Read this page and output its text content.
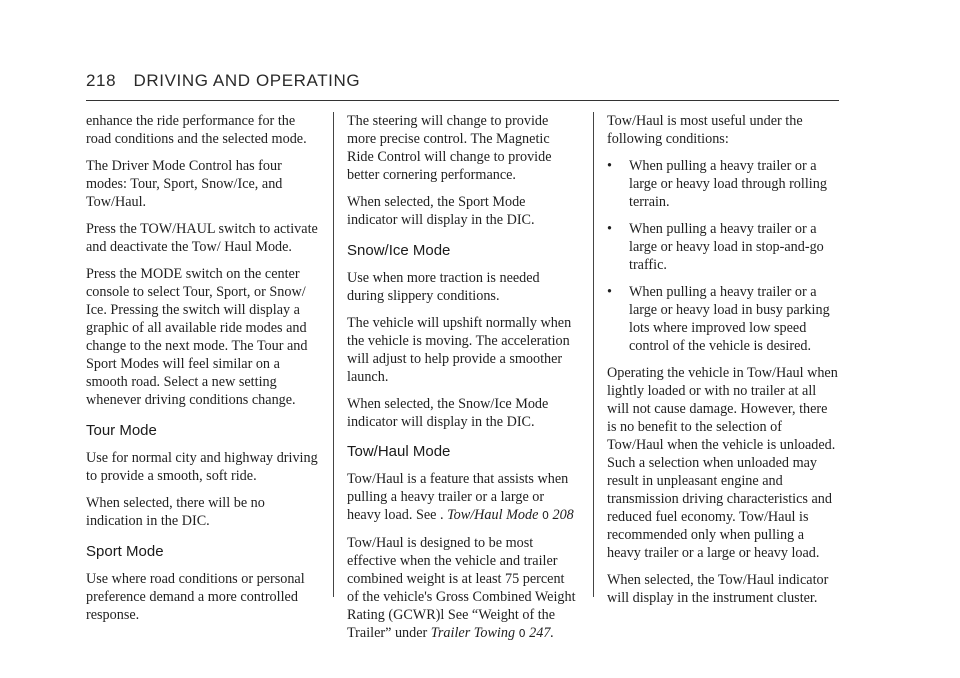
218 DRIVING AND OPERATING

enhance the ride performance for the road conditions and the selected mode.

The Driver Mode Control has four modes: Tour, Sport, Snow/Ice, and Tow/Haul.

Press the TOW/HAUL switch to activate and deactivate the Tow/ Haul Mode.

Press the MODE switch on the center console to select Tour, Sport, or Snow/ Ice. Pressing the switch will display a graphic of all available ride modes and change to the next mode. The Tour and Sport Modes will feel similar on a smooth road. Select a new setting whenever driving conditions change.

Tour Mode

Use for normal city and highway driving to provide a smooth, soft ride.

When selected, there will be no indication in the DIC.

Sport Mode

Use where road conditions or personal preference demand a more controlled response.

The steering will change to provide more precise control. The Magnetic Ride Control will change to provide better cornering performance.

When selected, the Sport Mode indicator will display in the DIC.

Snow/Ice Mode

Use when more traction is needed during slippery conditions.

The vehicle will upshift normally when the vehicle is moving. The acceleration will adjust to help provide a smoother launch.

When selected, the Snow/Ice Mode indicator will display in the DIC.

Tow/Haul Mode

Tow/Haul is a feature that assists when pulling a heavy trailer or a large or heavy load. See . Tow/Haul Mode 0 208

Tow/Haul is designed to be most effective when the vehicle and trailer combined weight is at least 75 percent of the vehicle's Gross Combined Weight Rating (GCWR)l See “Weight of the Trailer” under Trailer Towing 0 247.

Tow/Haul is most useful under the following conditions:

• When pulling a heavy trailer or a large or heavy load through rolling terrain.
• When pulling a heavy trailer or a large or heavy load in stop-and-go traffic.
• When pulling a heavy trailer or a large or heavy load in busy parking lots where improved low speed control of the vehicle is desired.

Operating the vehicle in Tow/Haul when lightly loaded or with no trailer at all will not cause damage. However, there is no benefit to the selection of Tow/Haul when the vehicle is unloaded. Such a selection when unloaded may result in unpleasant engine and transmission driving characteristics and reduced fuel economy. Tow/Haul is recommended only when pulling a heavy trailer or a large or heavy load.

When selected, the Tow/Haul indicator will display in the instrument cluster.
